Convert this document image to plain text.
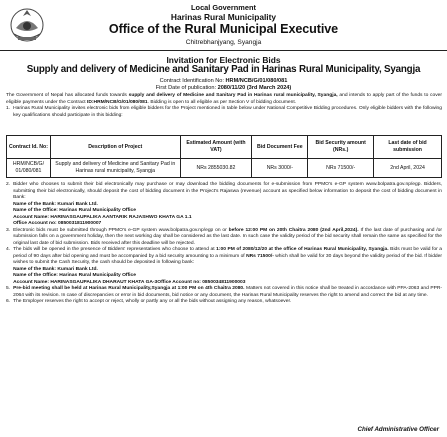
Local Government
Harinas Rural Municipality
Office of the Rural Municipal Executive
Chitrebhanjyang, Syangja
Invitation for Electronic Bids
Supply and delivery of Medicine and Sanitary Pad in Harinas Rural Municipality, Syangja
Contract Identification No: HRM/NCB/G/01/080/081
First Date of publication: 2080/11/20 (3rd March 2024)
The Government of Nepal has allocated funds towards supply and delivery of Medicine and Sanitary Pad in Harinas rural municipality, Syangja, and intends to apply part of the funds to cover eligible payments under the Contract ID:HRM/NCB/G/01/080/081. Bidding is open to all eligible as per Section V of bidding document.
1. Harinas Rural Municipality invites electronic bids from eligible bidders for the Project mentioned in table below under National Competitive Bidding procedures. Only eligible bidders with the following key qualifications should participate in this bidding:
Contract Id. No:	Description of Project	Estimated Amount (with VAT)	Bid Document Fee	Bid Security amount (NRs.)	Last date of bid submission
HRM/NCB/G/ 01/080/081	Supply and delivery of Medicine and Sanitary Pad in Harinas rural municipality, Syangja	NRs 2855030.82	NRs 3000/-	NRs 71500/-	2nd April, 2024
2. Bidder who chooses to submit their bid electronically may purchase or may download the bidding documents for e-submission from PPMO's e-GP system www.bolpatra.gov.np/egp. Bidders, submitting their bid electronically, should deposit the cost of bidding document in the Project's Rajaswa (revenue) account as specified below information to deposit the cost of bidding document in Bank:
Name of the Bank: Kumari Bank Ltd.
Name of the Office: Harinas Rural Municipality Office
Account Name: HARINASGAUPALIKA AANTARIK RAJASHWO KHATA GA 1.1
Office Account no: 0850031811900007
3. Electronic bids must be submitted through PPMO's e-GP system www.bolpatra.gov.np/egp on or before 12:00 PM on 20th Chaitra 2080 (2nd April,2024). If the last date of purchasing and /or submission falls on a government holiday, then the next working day shall be considered as the last date. In such case the validity period of the bid security shall remain the same as specified for the original last date of bid submission. Bids received after this deadline will be rejected.
4. The bids will be opened in the presence of Bidders' representatives who choose to attend at 1:00 PM of 2080/12/20 at the office of Harinas Rural Municipality, Syangja. Bids must be valid for a period of 90 days after bid opening and must be accompanied by a bid security amounting to a minimum of NRs 71500/- which shall be valid for 30 days beyond the validity period of the bid. If bidder wishes to submit the Cash Security, the cash should be deposited in following bank:
Name of the Bank: Kumari Bank Ltd.
Name of the Office: Harinas Rural Municipality Office
Account Name: HARINASGAUPALIKA DHARAUT KHATA GA-3Office Account no: 0850034811900003
5. Pre-bid meeting shall be held at Harinas Rural Municipality,Syangja at 1:00 PM on 4th Chaitra 2080. Matters not covered in this notice shall be treated in accordance with PPA-2063 and PPR-2064 with its revision. In case of discrepancies or error in bid documents, bid notice or any document, the Harinas Rural Municipality reserves the right to amend and correct the bid at any time.
6. The Employer reserves the right to accept or reject, wholly or partly any or all the bids without assigning any reason, whatsoever.
Chief Administrative Officer
